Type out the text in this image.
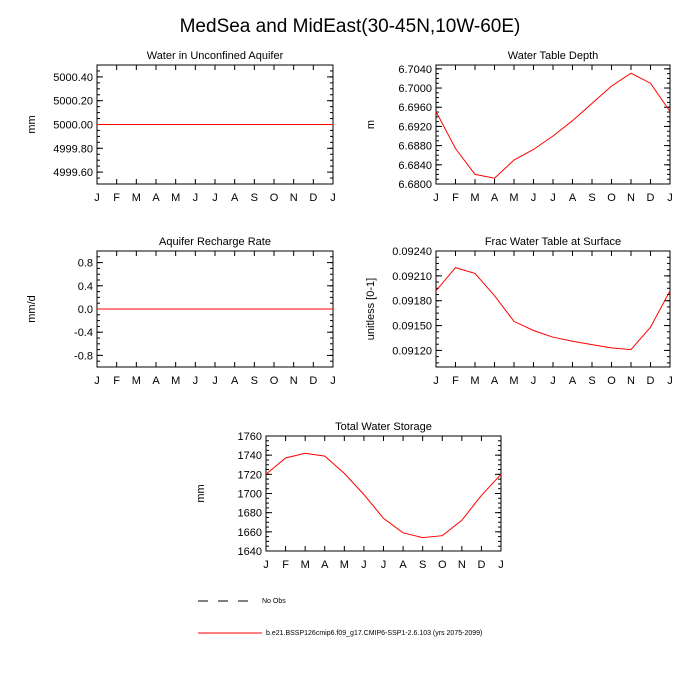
MedSea and MidEast(30-45N,10W-60E)
Water in Unconfined Aquifer
mm
J F M A M J J A S O N D J
4999.60
4999.80
5000.00
5000.20
5000.40
Water Table Depth
m
J F M A M J J A S O N D J
6.6800
6.6840
6.6880
6.6920
6.6960
6.7000
6.7040
Aquifer Recharge Rate
mm/d
J F M A M J J A S O N D J
-0.8
-0.4
0.0
0.4
0.8
Frac Water Table at Surface
unitless [0-1]
J F M A M J J A S O N D J
0.09120
0.09150
0.09180
0.09210
0.09240
Total Water Storage
mm
J F M A M J J A S O N D J
1640
1660
1680
1700
1720
1740
1760
No Obs
b.e21.BSSP126cmip6.f09_g17.CMIP6-SSP1-2.6.103 (yrs 2075-2099)
